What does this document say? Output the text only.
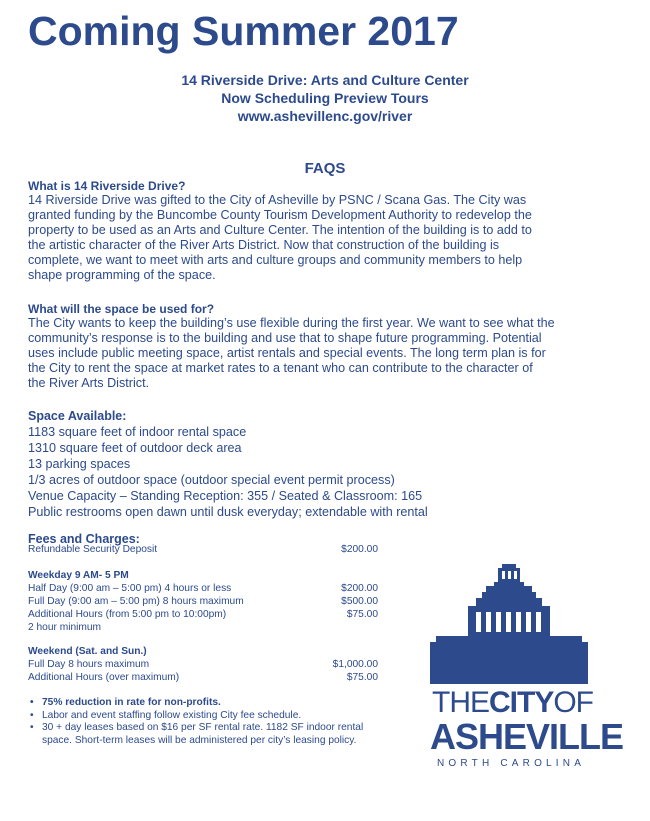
Coming Summer 2017
14 Riverside Drive: Arts and Culture Center
Now Scheduling Preview Tours
www.ashevillenc.gov/river
FAQS
What is 14 Riverside Drive?
14 Riverside Drive was gifted to the City of Asheville by PSNC / Scana Gas. The City was
granted funding by the Buncombe County Tourism Development Authority to redevelop the
property to be used as an Arts and Culture Center. The intention of the building is to add to
the artistic character of the River Arts District. Now that construction of the building is
complete, we want to meet with arts and culture groups and community members to help
shape programming of the space.
What will the space be used for?
The City wants to keep the building’s use flexible during the first year. We want to see what the
community’s response is to the building and use that to shape future programming. Potential
uses include public meeting space, artist rentals and special events. The long term plan is for
the City to rent the space at market rates to a tenant who can contribute to the character of
the River Arts District.
Space Available:
1183 square feet of indoor rental space
1310 square feet of outdoor deck area
13 parking spaces
1/3 acres of outdoor space (outdoor special event permit process)
Venue Capacity – Standing Reception: 355 / Seated & Classroom: 165
Public restrooms open dawn until dusk everyday; extendable with rental
Fees and Charges:
Refundable Security Deposit	$200.00
Weekday 9 AM- 5 PM
Half Day (9:00 am – 5:00 pm) 4 hours or less	$200.00
Full Day (9:00 am – 5:00 pm) 8 hours maximum	$500.00
Additional Hours (from 5:00 pm to 10:00pm)	$75.00
2 hour minimum
Weekend (Sat. and Sun.)
Full Day 8 hours maximum	$1,000.00
Additional Hours (over maximum)	$75.00
• 75% reduction in rate for non-profits.
• Labor and event staffing follow existing City fee schedule.
• 30 + day leases based on $16 per SF rental rate. 1182 SF indoor rental
space. Short-term leases will be administered per city’s leasing policy.
THECITYOF
ASHEVILLE
NORTH CAROLINA
